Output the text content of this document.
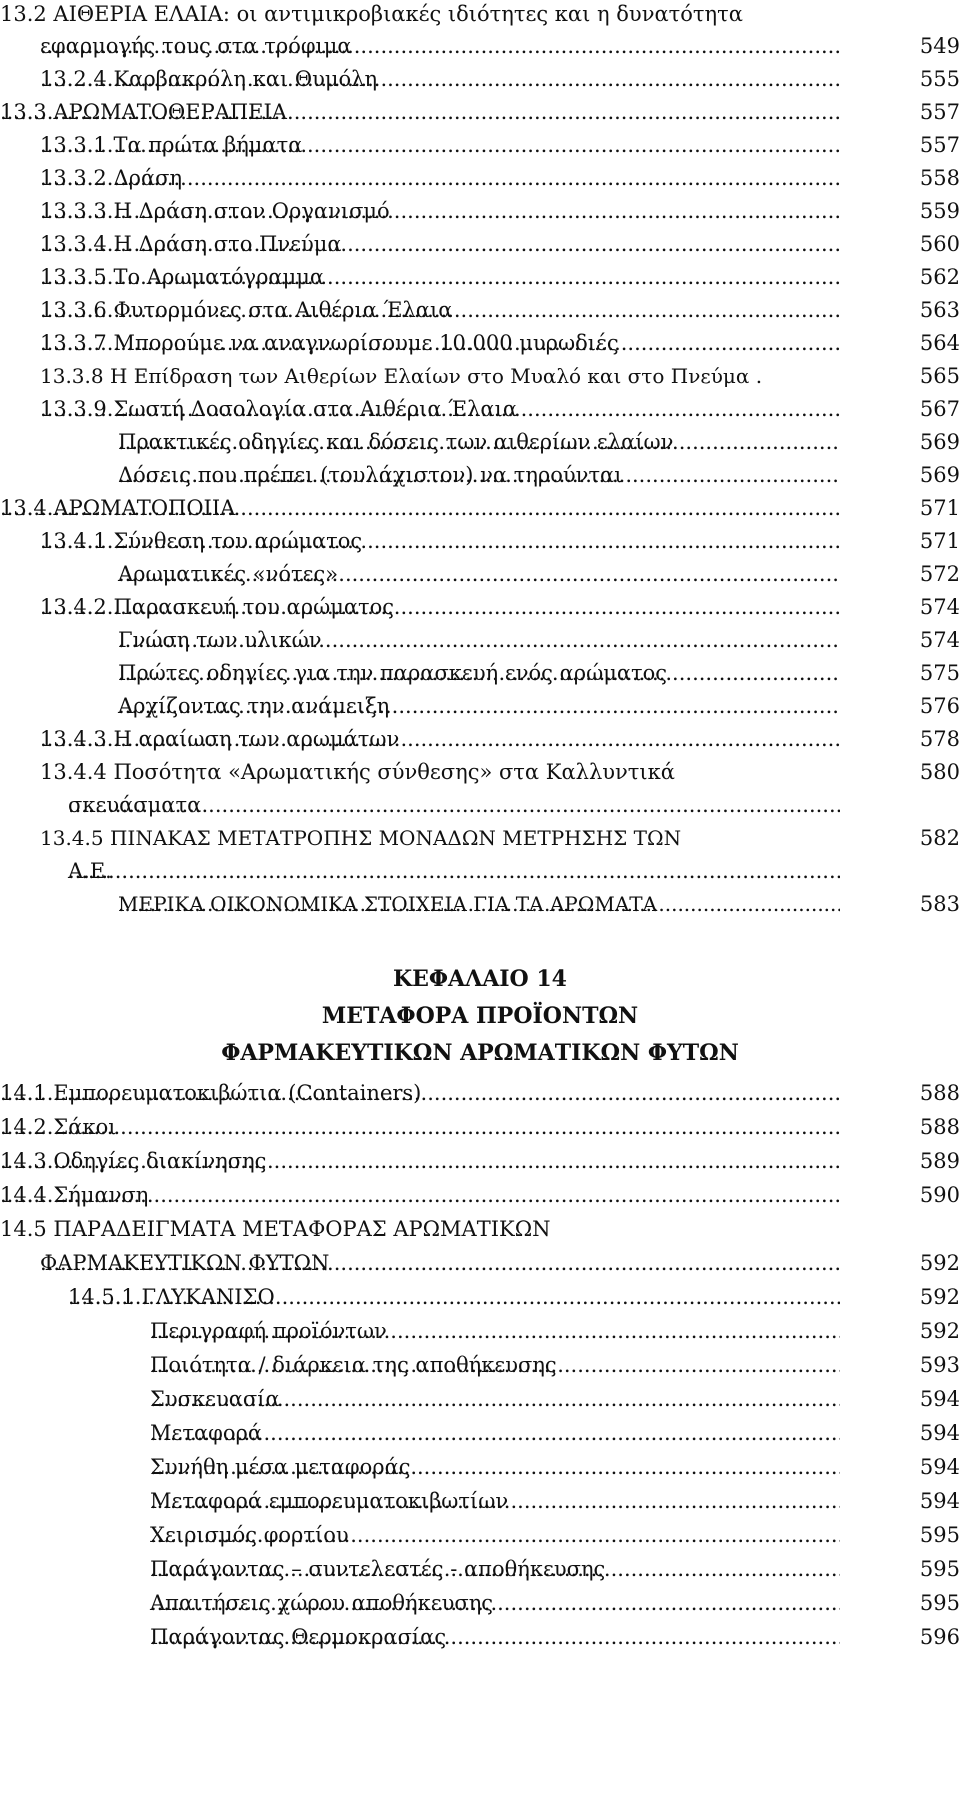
13.2 ΑΙΘΕΡΙΑ ΕΛΑΙΑ: οι αντιμικροβιακές ιδιότητες και η δυνατότητα
.....
εφαρμογής τους στα τρόφιμα	549
.....
13.2.4 Καρβακρόλη και Θυμόλη	555
.....
13.3 ΑΡΩΜΑΤΟΘΕΡΑΠΕΙΑ	557
.....
13.3.1 Τα πρώτα βήματα	557
.....
13.3.2 Δράση	558
.....
13.3.3 Η Δράση στον Οργανισμό	559
.....
13.3.4 Η Δράση στο Πνεύμα	560
.....
13.3.5 Το Αρωματόγραμμα	562
.....
13.3.6 Φυτορμόνες στα Αιθέρια Έλαια	563
.....
13.3.7 Μπορούμε να αναγνωρίσουμε 10.000 μυρωδιές	564
13.3.8 Η Επίδραση των Αιθερίων Ελαίων στο Μυαλό και στο Πνεύμα .	565
.....
13.3.9 Σωστή Δοσολογία στα Αιθέρια Έλαια	567
.....
Πρακτικές οδηγίες και δόσεις των αιθερίων ελαίων	569
.....
Δόσεις που πρέπει (τουλάχιστον) να τηρούνται	569
.....
13.4 ΑΡΩΜΑΤΟΠΟΙΙΑ	571
.....
13.4.1 Σύνθεση του αρώματος	571
.....
Αρωματικές «νότες»	572
.....
13.4.2 Παρασκευή του αρώματος	574
.....
Γνώση των υλικών	574
.....
Πρώτες οδηγίες για την παρασκευή ενός αρώματος	575
.....
Αρχίζοντας την ανάμειξη	576
.....
13.4.3 Η αραίωση των αρωμάτων	578
13.4.4 Ποσότητα «Αρωματικής σύνθεσης» στα Καλλυντικά	580
.....
σκευάσματα
13.4.5 ΠΙΝΑΚΑΣ ΜΕΤΑΤΡΟΠΗΣ ΜΟΝΑΔΩΝ ΜΕΤΡΗΣΗΣ ΤΩΝ	582
.....
Α.Ε.
.....
ΜΕΡΙΚΑ ΟΙΚΟΝΟΜΙΚΑ ΣΤΟΙΧΕΙΑ ΓΙΑ ΤΑ ΑΡΩΜΑΤΑ	583
ΚΕΦΑΛΑΙΟ 14
ΜΕΤΑΦΟΡΑ ΠΡΟΪΟΝΤΩΝ
ΦΑΡΜΑΚΕΥΤΙΚΩΝ ΑΡΩΜΑΤΙΚΩΝ ΦΥΤΩΝ
.....
14.1 Εμπορευματοκιβώτια (Containers)	588
.....
14.2 Σάκοι	588
.....
14.3 Οδηγίες διακίνησης	589
.....
14.4 Σήμανση	590
14.5 ΠΑΡΑΔΕΙΓΜΑΤΑ ΜΕΤΑΦΟΡΑΣ ΑΡΩΜΑΤΙΚΩΝ
.....
ΦΑΡΜΑΚΕΥΤΙΚΩΝ ΦΥΤΩΝ	592
.....
14.5.1 ΓΛΥΚΑΝΙΣΟ	592
.....
Περιγραφή προϊόντων	592
.....
Ποιότητα / διάρκεια της αποθήκευσης	593
.....
Συσκευασία	594
.....
Μεταφορά	594
.....
Συνήθη μέσα μεταφοράς	594
.....
Μεταφορά εμπορευματοκιβωτίων	594
.....
Χειρισμός φορτίου	595
.....
Παράγοντας – συντελεστές - αποθήκευσης	595
.....
Απαιτήσεις χώρου αποθήκευσης	595
.....
Παράγοντας Θερμοκρασίας	596
